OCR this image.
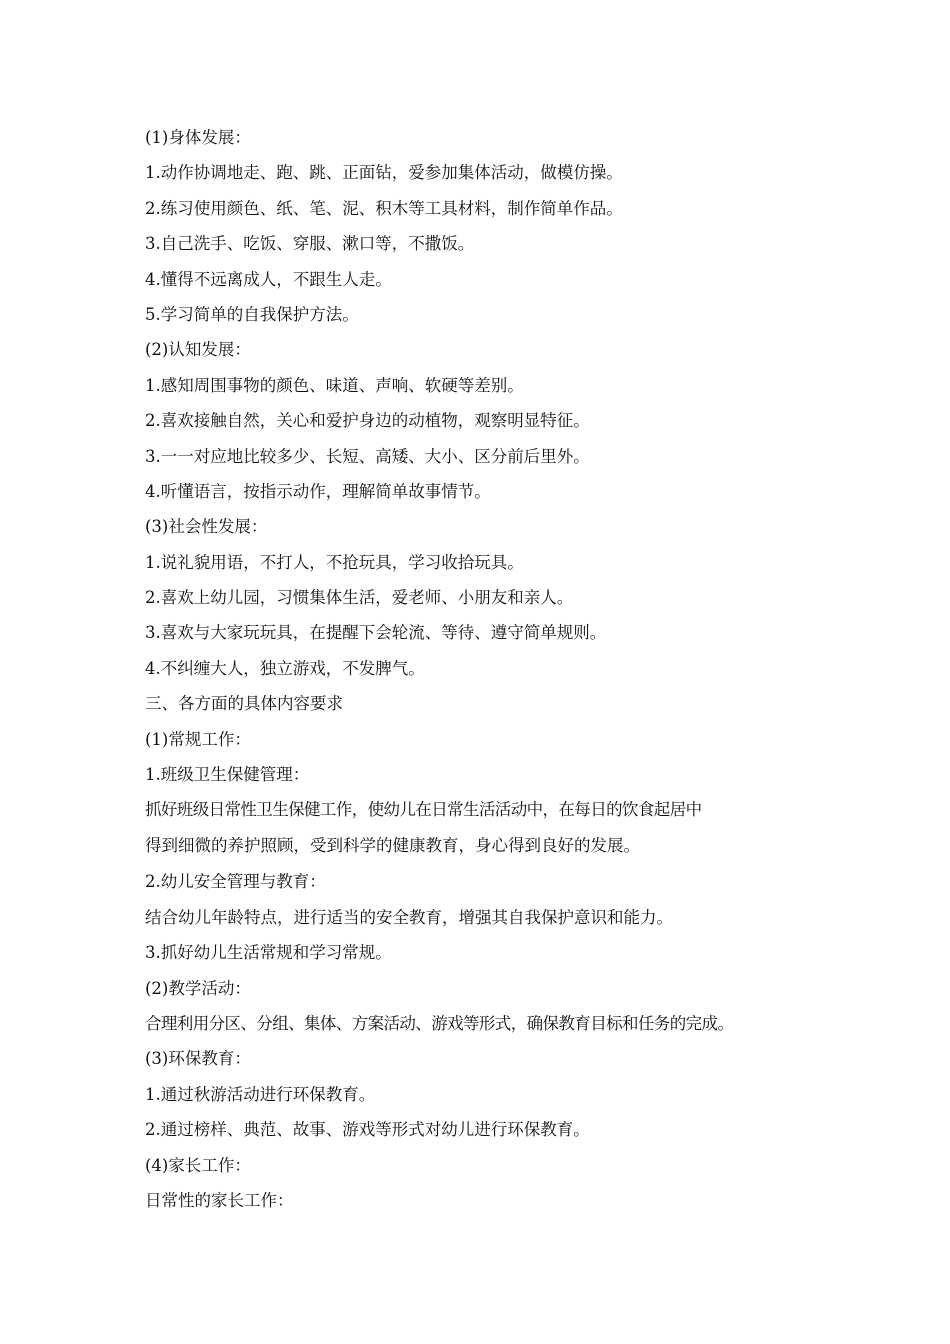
(1)身体发展：
1.动作协调地走、跑、跳、正面钻，爱参加集体活动，做模仿操。
2.练习使用颜色、纸、笔、泥、积木等工具材料，制作简单作品。
3.自己洗手、吃饭、穿服、漱口等，不撒饭。
4.懂得不远离成人，不跟生人走。
5.学习简单的自我保护方法。
(2)认知发展：
1.感知周围事物的颜色、味道、声响、软硬等差别。
2.喜欢接触自然，关心和爱护身边的动植物，观察明显特征。
3.一一对应地比较多少、长短、高矮、大小、区分前后里外。
4.听懂语言，按指示动作，理解简单故事情节。
(3)社会性发展：
1.说礼貌用语，不打人，不抢玩具，学习收拾玩具。
2.喜欢上幼儿园，习惯集体生活，爱老师、小朋友和亲人。
3.喜欢与大家玩玩具，在提醒下会轮流、等待、遵守简单规则。
4.不纠缠大人，独立游戏，不发脾气。
三、各方面的具体内容要求
(1)常规工作：
1.班级卫生保健管理：
抓好班级日常性卫生保健工作，使幼儿在日常生活活动中，在每日的饮食起居中
得到细微的养护照顾，受到科学的健康教育，身心得到良好的发展。
2.幼儿安全管理与教育：
结合幼儿年龄特点，进行适当的安全教育，增强其自我保护意识和能力。
3.抓好幼儿生活常规和学习常规。
(2)教学活动：
合理利用分区、分组、集体、方案活动、游戏等形式，确保教育目标和任务的完成。
(3)环保教育：
1.通过秋游活动进行环保教育。
2.通过榜样、典范、故事、游戏等形式对幼儿进行环保教育。
(4)家长工作：
日常性的家长工作：
